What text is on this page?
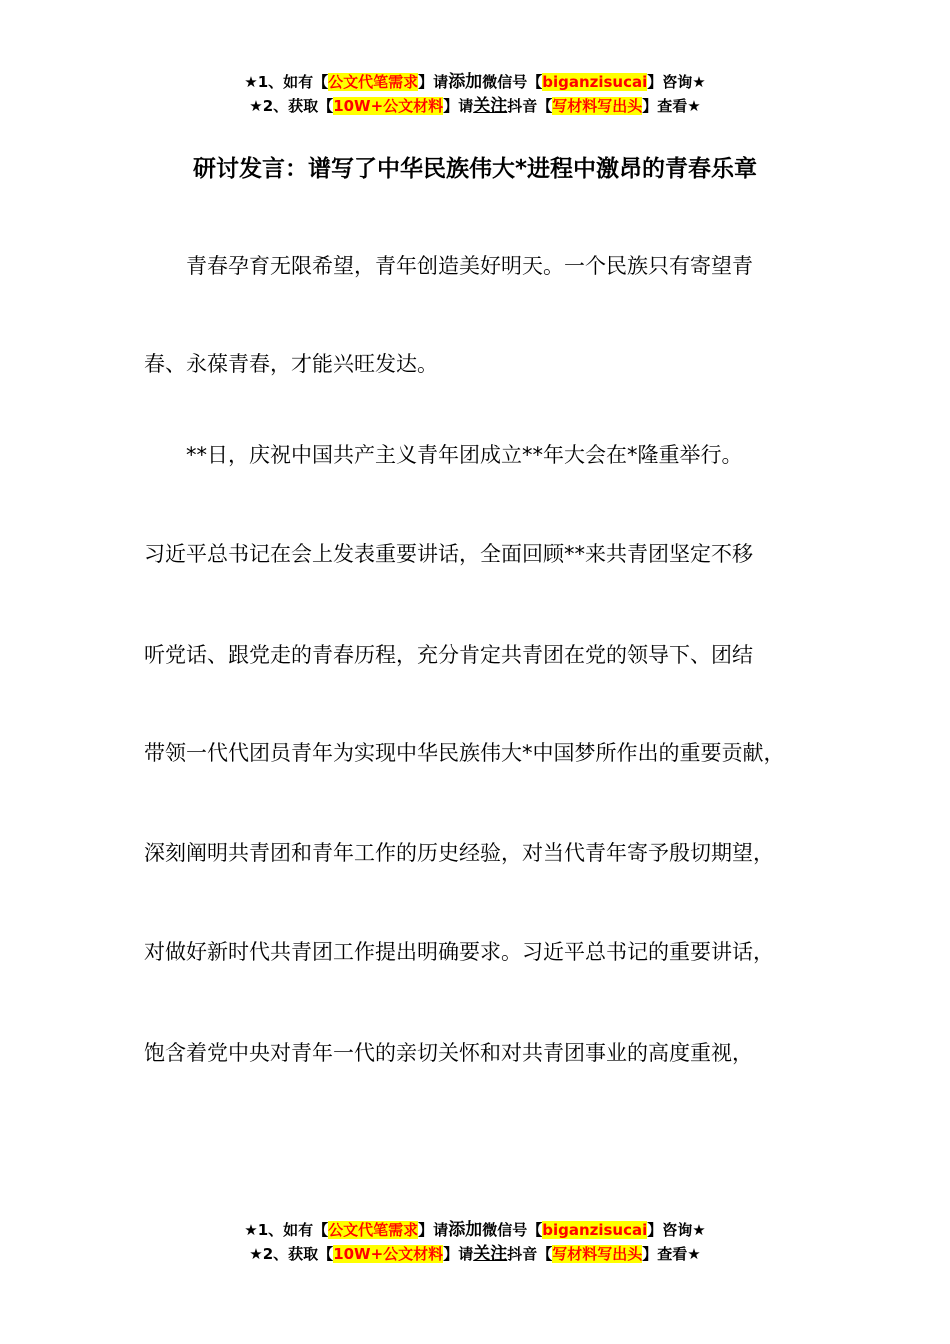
★1、如有【公文代笔需求】请添加微信号【biganzisucai】咨询★
★2、获取【10W+公文材料】请关注抖音【写材料写出头】查看★
研讨发言：谱写了中华民族伟大*进程中激昂的青春乐章
　　青春孕育无限希望，青年创造美好明天。一个民族只有寄望青
春、永葆青春，才能兴旺发达。
　　**日，庆祝中国共产主义青年团成立**年大会在*隆重举行。
习近平总书记在会上发表重要讲话，全面回顾**来共青团坚定不移
听党话、跟党走的青春历程，充分肯定共青团在党的领导下、团结
带领一代代团员青年为实现中华民族伟大*中国梦所作出的重要贡献，
深刻阐明共青团和青年工作的历史经验，对当代青年寄予殷切期望，
对做好新时代共青团工作提出明确要求。习近平总书记的重要讲话，
饱含着党中央对青年一代的亲切关怀和对共青团事业的高度重视，
★1、如有【公文代笔需求】请添加微信号【biganzisucai】咨询★
★2、获取【10W+公文材料】请关注抖音【写材料写出头】查看★
